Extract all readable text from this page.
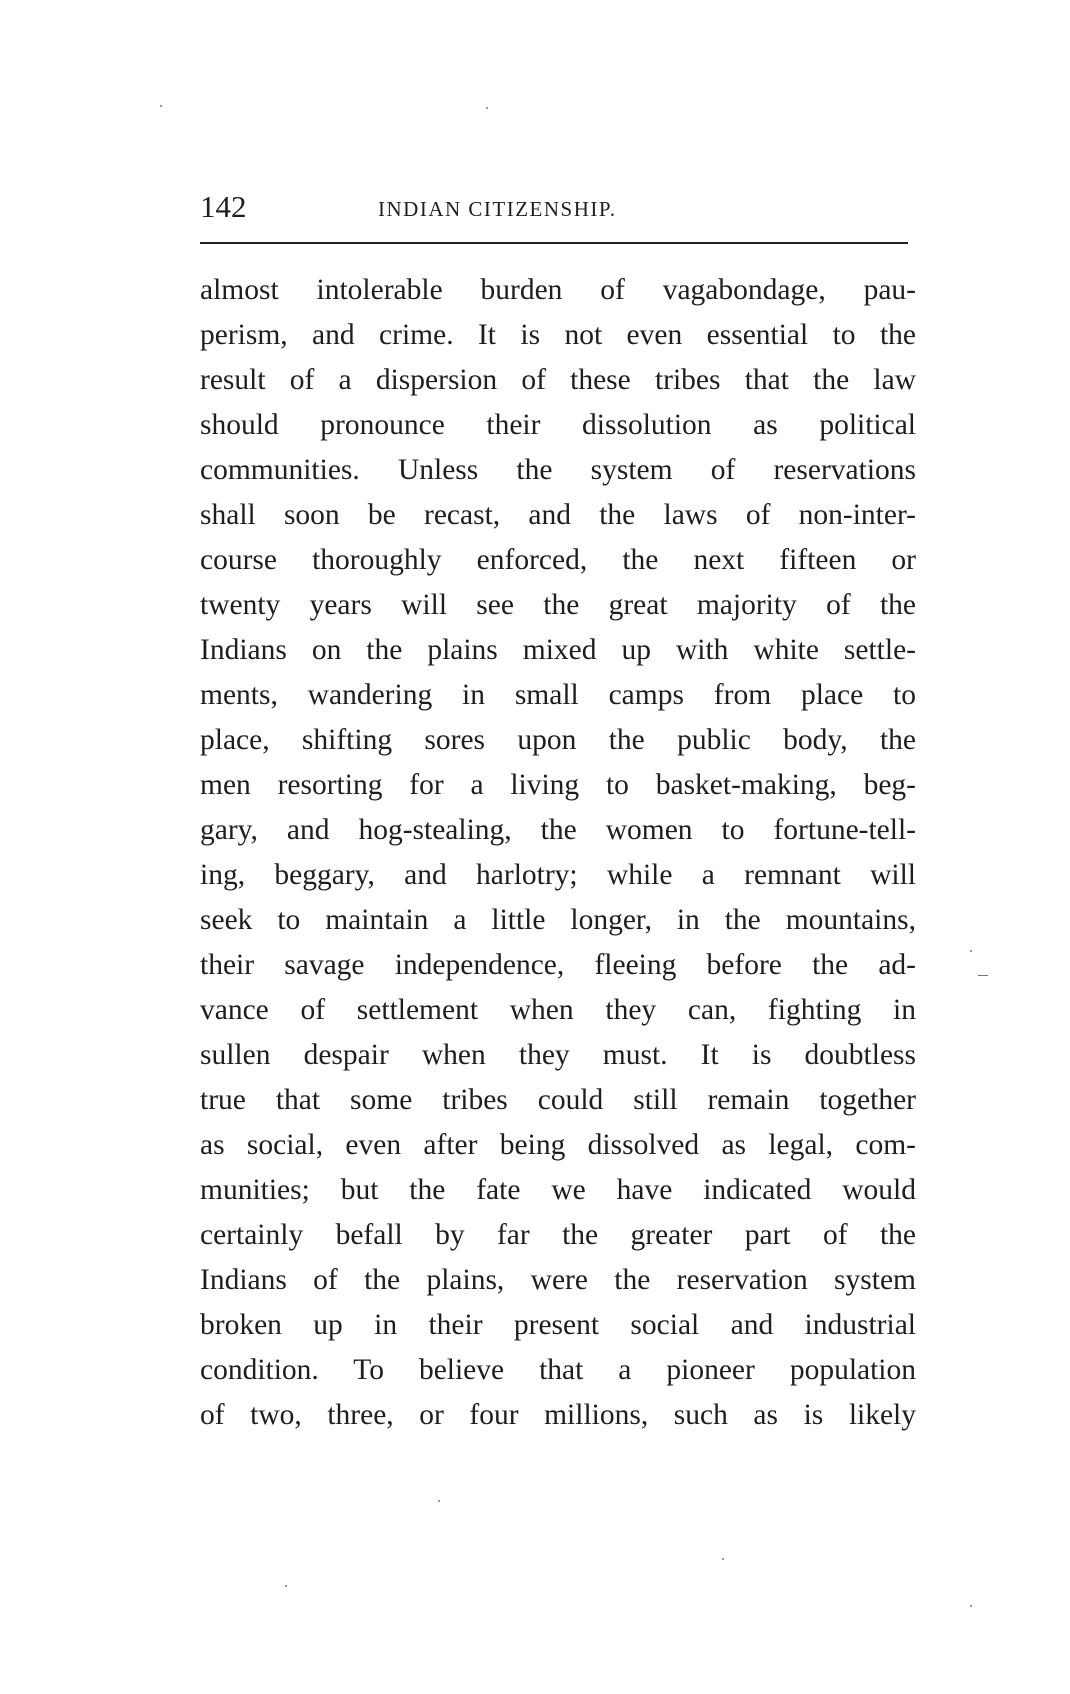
142	INDIAN CITIZENSHIP.
almost intolerable burden of vagabondage, pau-
perism, and crime. It is not even essential to the
result of a dispersion of these tribes that the law
should pronounce their dissolution as political
communities. Unless the system of reservations
shall soon be recast, and the laws of non-inter-
course thoroughly enforced, the next fifteen or
twenty years will see the great majority of the
Indians on the plains mixed up with white settle-
ments, wandering in small camps from place to
place, shifting sores upon the public body, the
men resorting for a living to basket-making, beg-
gary, and hog-stealing, the women to fortune-tell-
ing, beggary, and harlotry; while a remnant will
seek to maintain a little longer, in the mountains,
their savage independence, fleeing before the ad-
vance of settlement when they can, fighting in
sullen despair when they must. It is doubtless
true that some tribes could still remain together
as social, even after being dissolved as legal, com-
munities; but the fate we have indicated would
certainly befall by far the greater part of the
Indians of the plains, were the reservation system
broken up in their present social and industrial
condition. To believe that a pioneer population
of two, three, or four millions, such as is likely
